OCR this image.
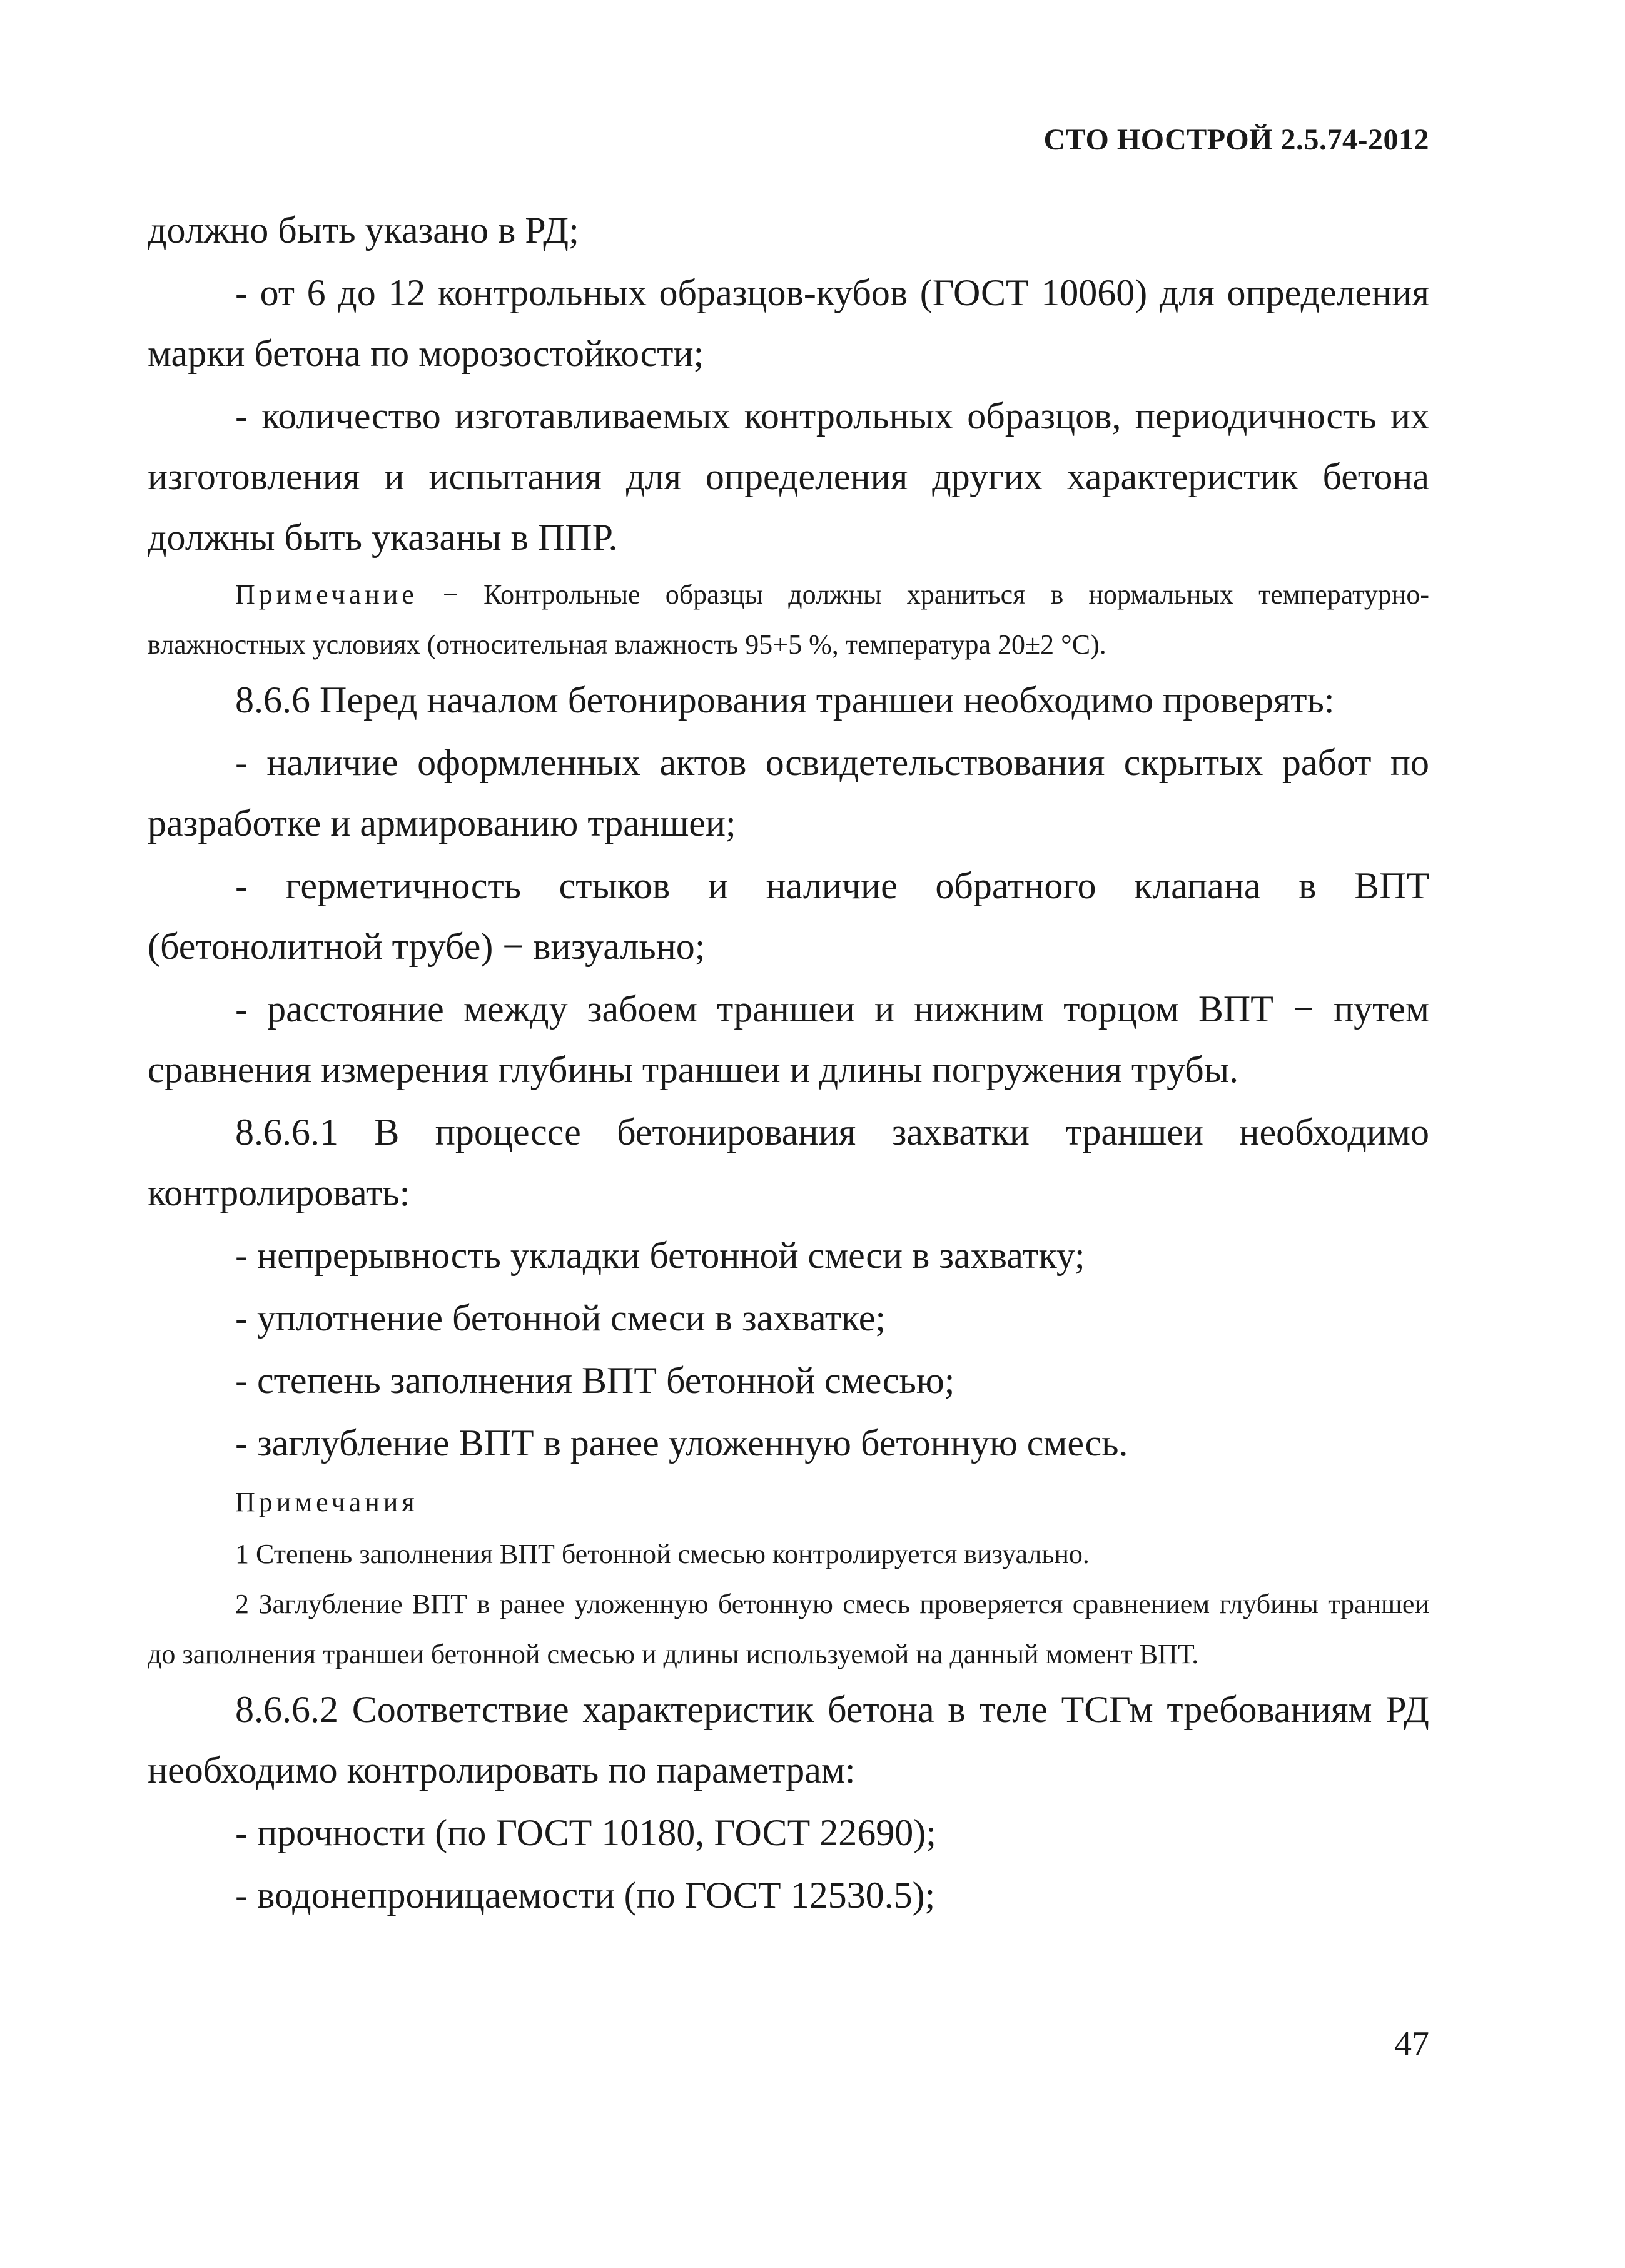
СТО НОСТРОЙ 2.5.74-2012

должно быть указано в РД;

- от 6 до 12 контрольных образцов-кубов (ГОСТ 10060) для определения марки бетона по морозостойкости;

- количество изготавливаемых контрольных образцов, периодичность их изготовления и испытания для определения других характеристик бетона должны быть указаны в ППР.

Примечание − Контрольные образцы должны храниться в нормальных температурно-влажностных условиях (относительная влажность 95+5 %, температура 20±2 °С).

8.6.6 Перед началом бетонирования траншеи необходимо проверять:

- наличие оформленных актов освидетельствования скрытых работ по разработке и армированию траншеи;

- герметичность стыков и наличие обратного клапана в ВПТ (бетонолитной трубе) − визуально;

- расстояние между забоем траншеи и нижним торцом ВПТ − путем сравнения измерения глубины траншеи и длины погружения трубы.

8.6.6.1 В процессе бетонирования захватки траншеи необходимо контролировать:

- непрерывность укладки бетонной смеси в захватку;

- уплотнение бетонной смеси в захватке;

- степень заполнения ВПТ бетонной смесью;

- заглубление ВПТ в ранее уложенную бетонную смесь.

Примечания

1 Степень заполнения ВПТ бетонной смесью контролируется визуально.

2 Заглубление ВПТ в ранее уложенную бетонную смесь проверяется сравнением глубины траншеи до заполнения траншеи бетонной смесью и длины используемой на данный момент ВПТ.

8.6.6.2 Соответствие характеристик бетона в теле ТСГм требованиям РД необходимо контролировать по параметрам:

- прочности (по ГОСТ 10180, ГОСТ 22690);

- водонепроницаемости (по ГОСТ 12530.5);

47
